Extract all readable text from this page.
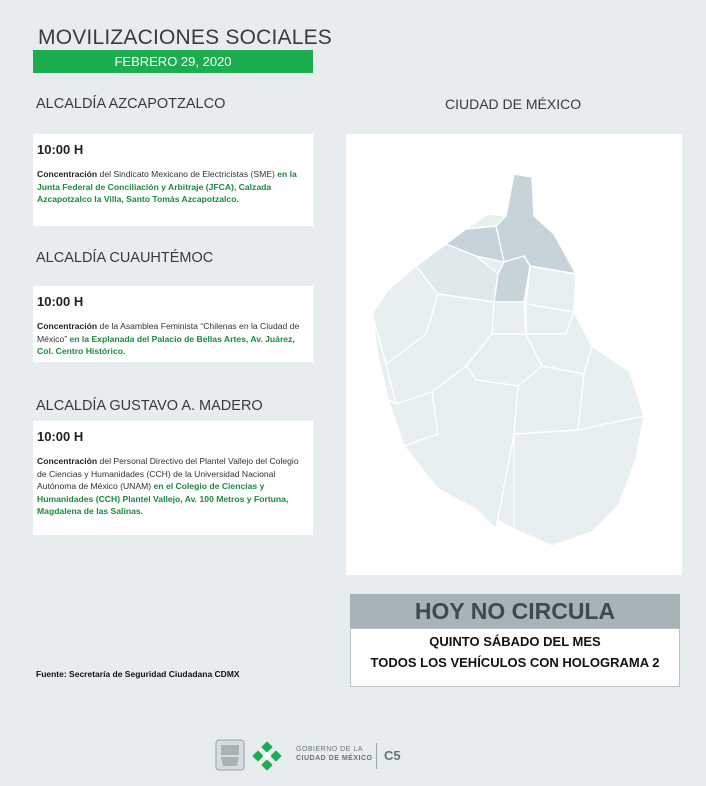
MOVILIZACIONES SOCIALES
FEBRERO 29, 2020
ALCALDÍA AZCAPOTZALCO
10:00 H
Concentración del Sindicato Mexicano de Electricistas (SME) en la Junta Federal de Conciliación y Arbitraje (JFCA), Calzada Azcapotzalco la Villa, Santo Tomás Azcapotzalco.
ALCALDÍA CUAUHTÉMOC
10:00 H
Concentración de la Asamblea Feminista “Chilenas en la Ciudad de México” en la Explanada del Palacio de Bellas Artes, Av. Juárez, Col. Centro Histórico.
ALCALDÍA GUSTAVO A. MADERO
10:00 H
Concentración del Personal Directivo del Plantel Vallejo del Colegio de Ciencias y Humanidades (CCH) de la Universidad Nacional Autónoma de México (UNAM) en el Colegio de Ciencias y Humanidades (CCH) Plantel Vallejo, Av. 100 Metros y Fortuna, Magdalena de las Salinas.
CIUDAD DE MÉXICO
HOY NO CIRCULA
QUINTO SÁBADO DEL MES
TODOS LOS VEHÍCULOS CON HOLOGRAMA 2
Fuente: Secretaría de Seguridad Ciudadana CDMX
GOBIERNO DE LA
CIUDAD DE MÉXICO C5
